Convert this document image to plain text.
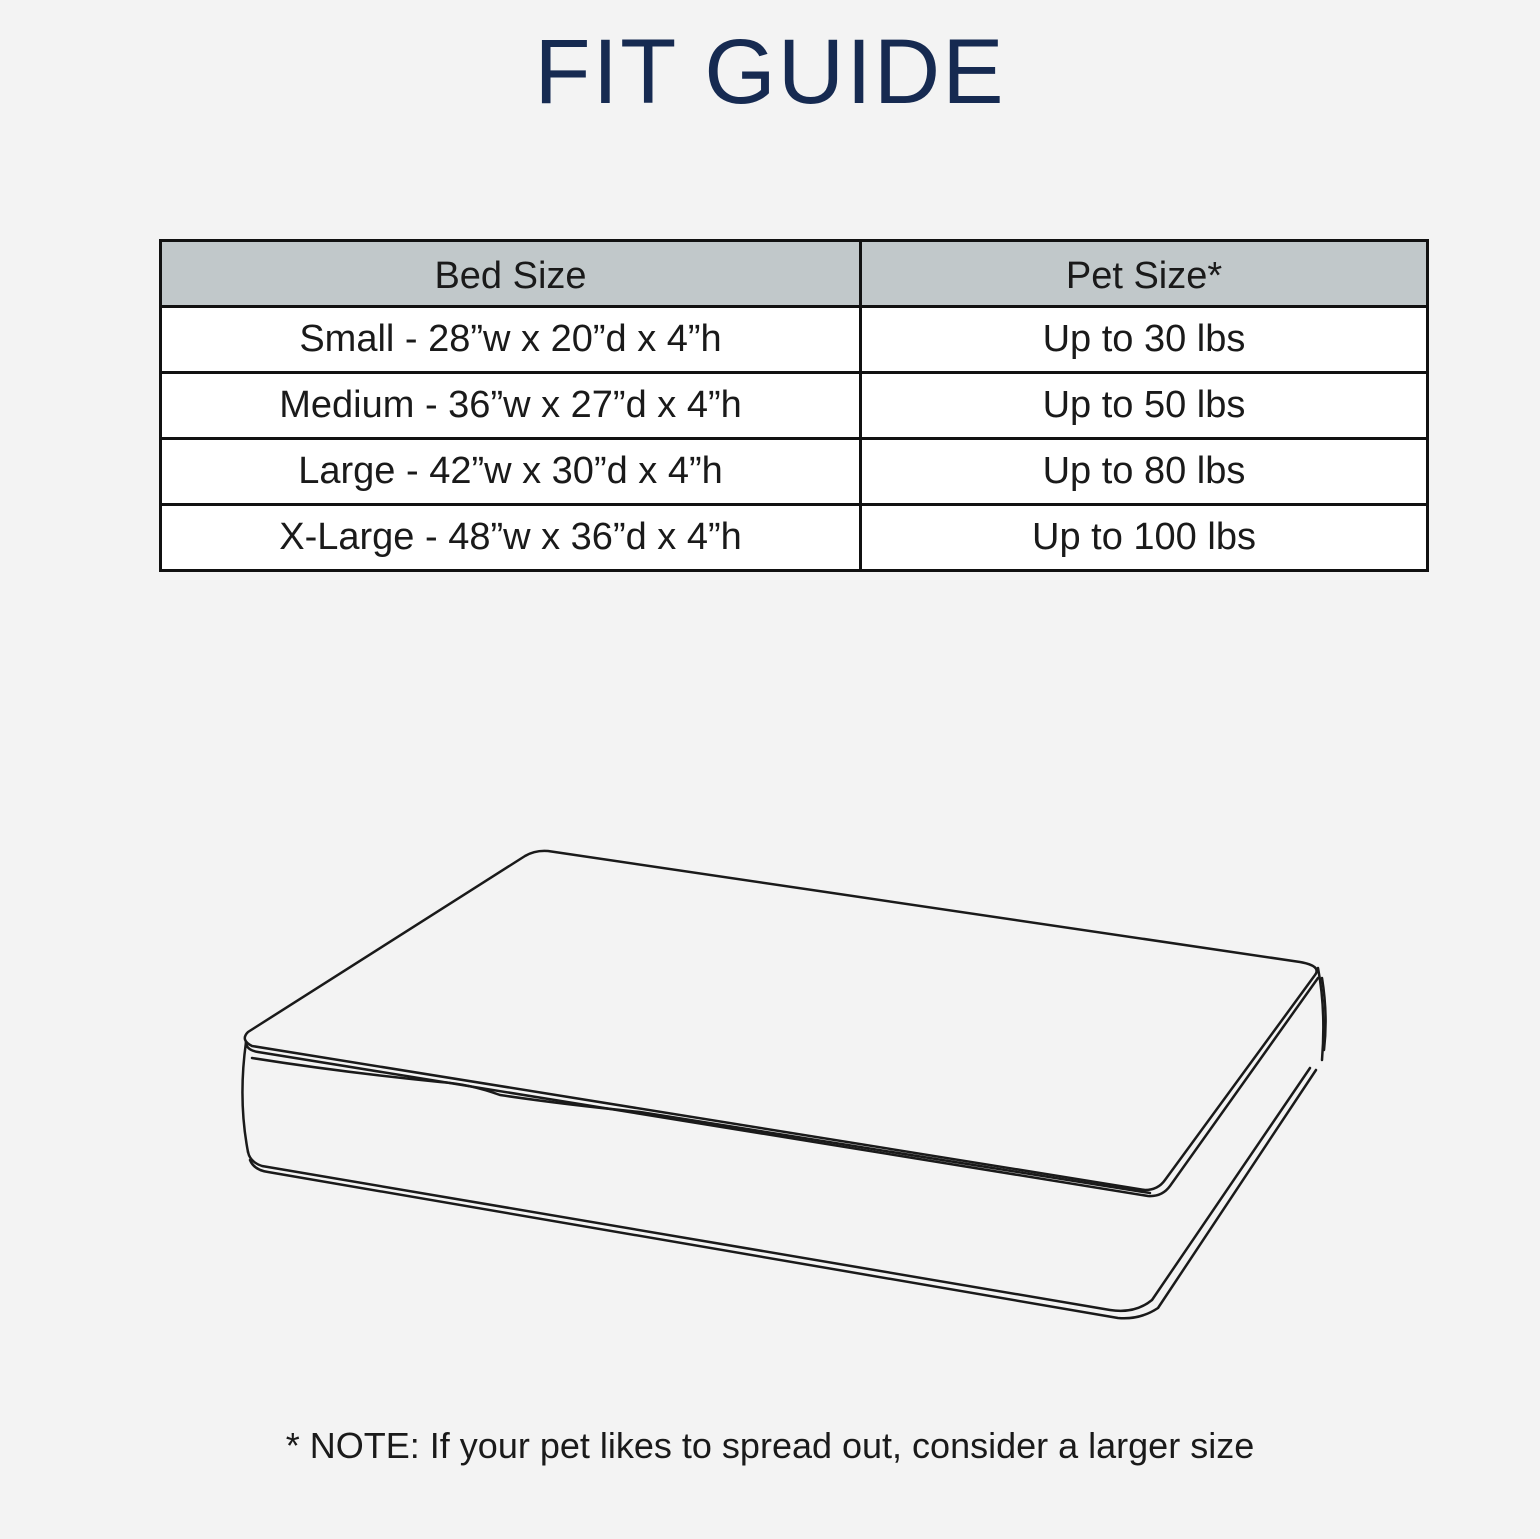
FIT GUIDE
Bed Size	Pet Size*
Small - 28”w x 20”d x 4”h	Up to 30 lbs
Medium - 36”w x 27”d x 4”h	Up to 50 lbs
Large - 42”w x 30”d x 4”h	Up to 80 lbs
X-Large - 48”w x 36”d x 4”h	Up to 100 lbs

* NOTE: If your pet likes to spread out, consider a larger size
